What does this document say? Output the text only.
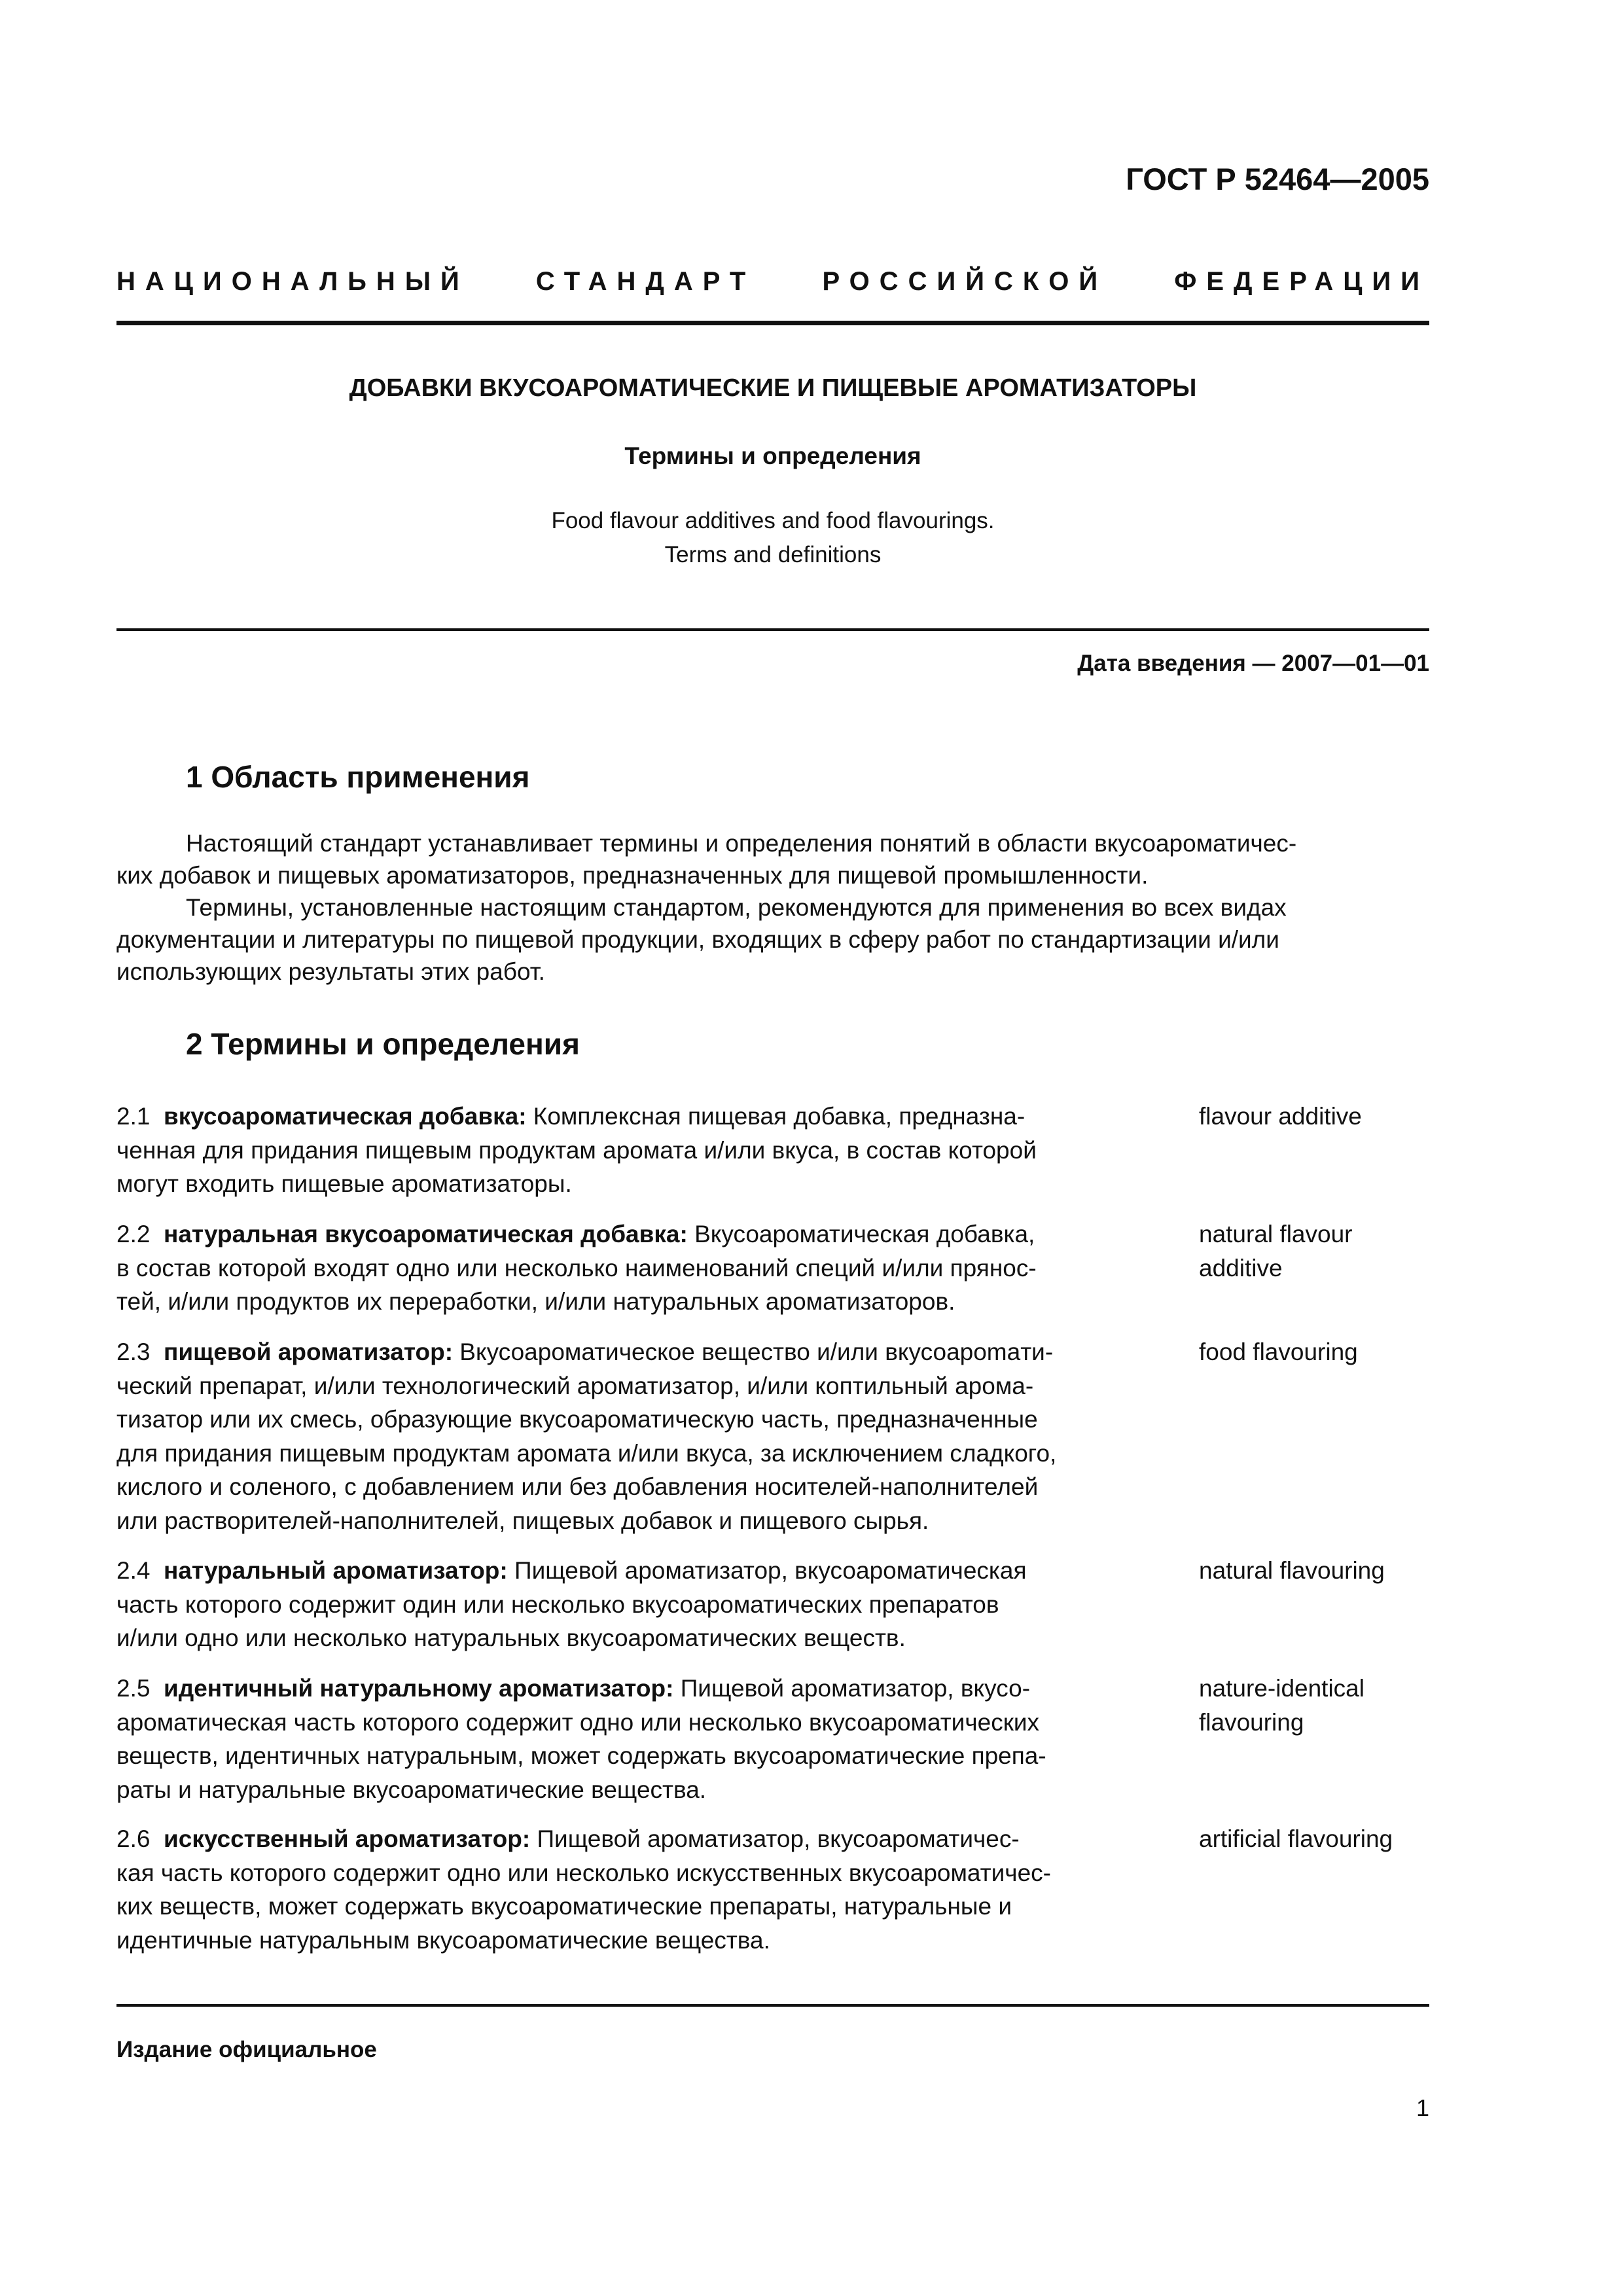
ГОСТ Р 52464—2005
НАЦИОНАЛЬНЫЙ	СТАНДАРТ	РОССИЙСКОЙ	ФЕДЕРАЦИИ
ДОБАВКИ ВКУСОАРОМАТИЧЕСКИЕ И ПИЩЕВЫЕ АРОМАТИЗАТОРЫ
Термины и определения
Food flavour additives and food flavourings.
Terms and definitions
Дата введения — 2007—01—01
1 Область применения
Настоящий стандарт устанавливает термины и определения понятий в области вкусоароматичес-
ких добавок и пищевых ароматизаторов, предназначенных для пищевой промышленности.
Термины, установленные настоящим стандартом, рекомендуются для применения во всех видах
документации и литературы по пищевой продукции, входящих в сферу работ по стандартизации и/или
использующих результаты этих работ.
2 Термины и определения
2.1 вкусоароматическая добавка: Комплексная пищевая добавка, предназна-
ченная для придания пищевым продуктам аромата и/или вкуса, в состав которой
могут входить пищевые ароматизаторы.
flavour additive
2.2 натуральная вкусоароматическая добавка: Вкусоароматическая добавка,
в состав которой входят одно или несколько наименований специй и/или прянос-
тей, и/или продуктов их переработки, и/или натуральных ароматизаторов.
natural flavour
additive
2.3 пищевой ароматизатор: Вкусоароматическое вещество и/или вкусоарomaти-
ческий препарат, и/или технологический ароматизатор, и/или коптильный арома-
тизатор или их смесь, образующие вкусоароматическую часть, предназначенные
для придания пищевым продуктам аромата и/или вкуса, за исключением сладкого,
кислого и соленого, с добавлением или без добавления носителей-наполнителей
или растворителей-наполнителей, пищевых добавок и пищевого сырья.
food flavouring
2.4 натуральный ароматизатор: Пищевой ароматизатор, вкусоароматическая
часть которого содержит один или несколько вкусоароматических препаратов
и/или одно или несколько натуральных вкусоароматических веществ.
natural flavouring
2.5 идентичный натуральному ароматизатор: Пищевой ароматизатор, вкусо-
ароматическая часть которого содержит одно или несколько вкусоароматических
веществ, идентичных натуральным, может содержать вкусоароматические препа-
раты и натуральные вкусоароматические вещества.
nature-identical
flavouring
2.6 искусственный ароматизатор: Пищевой ароматизатор, вкусоароматичес-
кая часть которого содержит одно или несколько искусственных вкусоароматичес-
ких веществ, может содержать вкусоароматические препараты, натуральные и
идентичные натуральным вкусоароматические вещества.
artificial flavouring
Издание официальное
1
